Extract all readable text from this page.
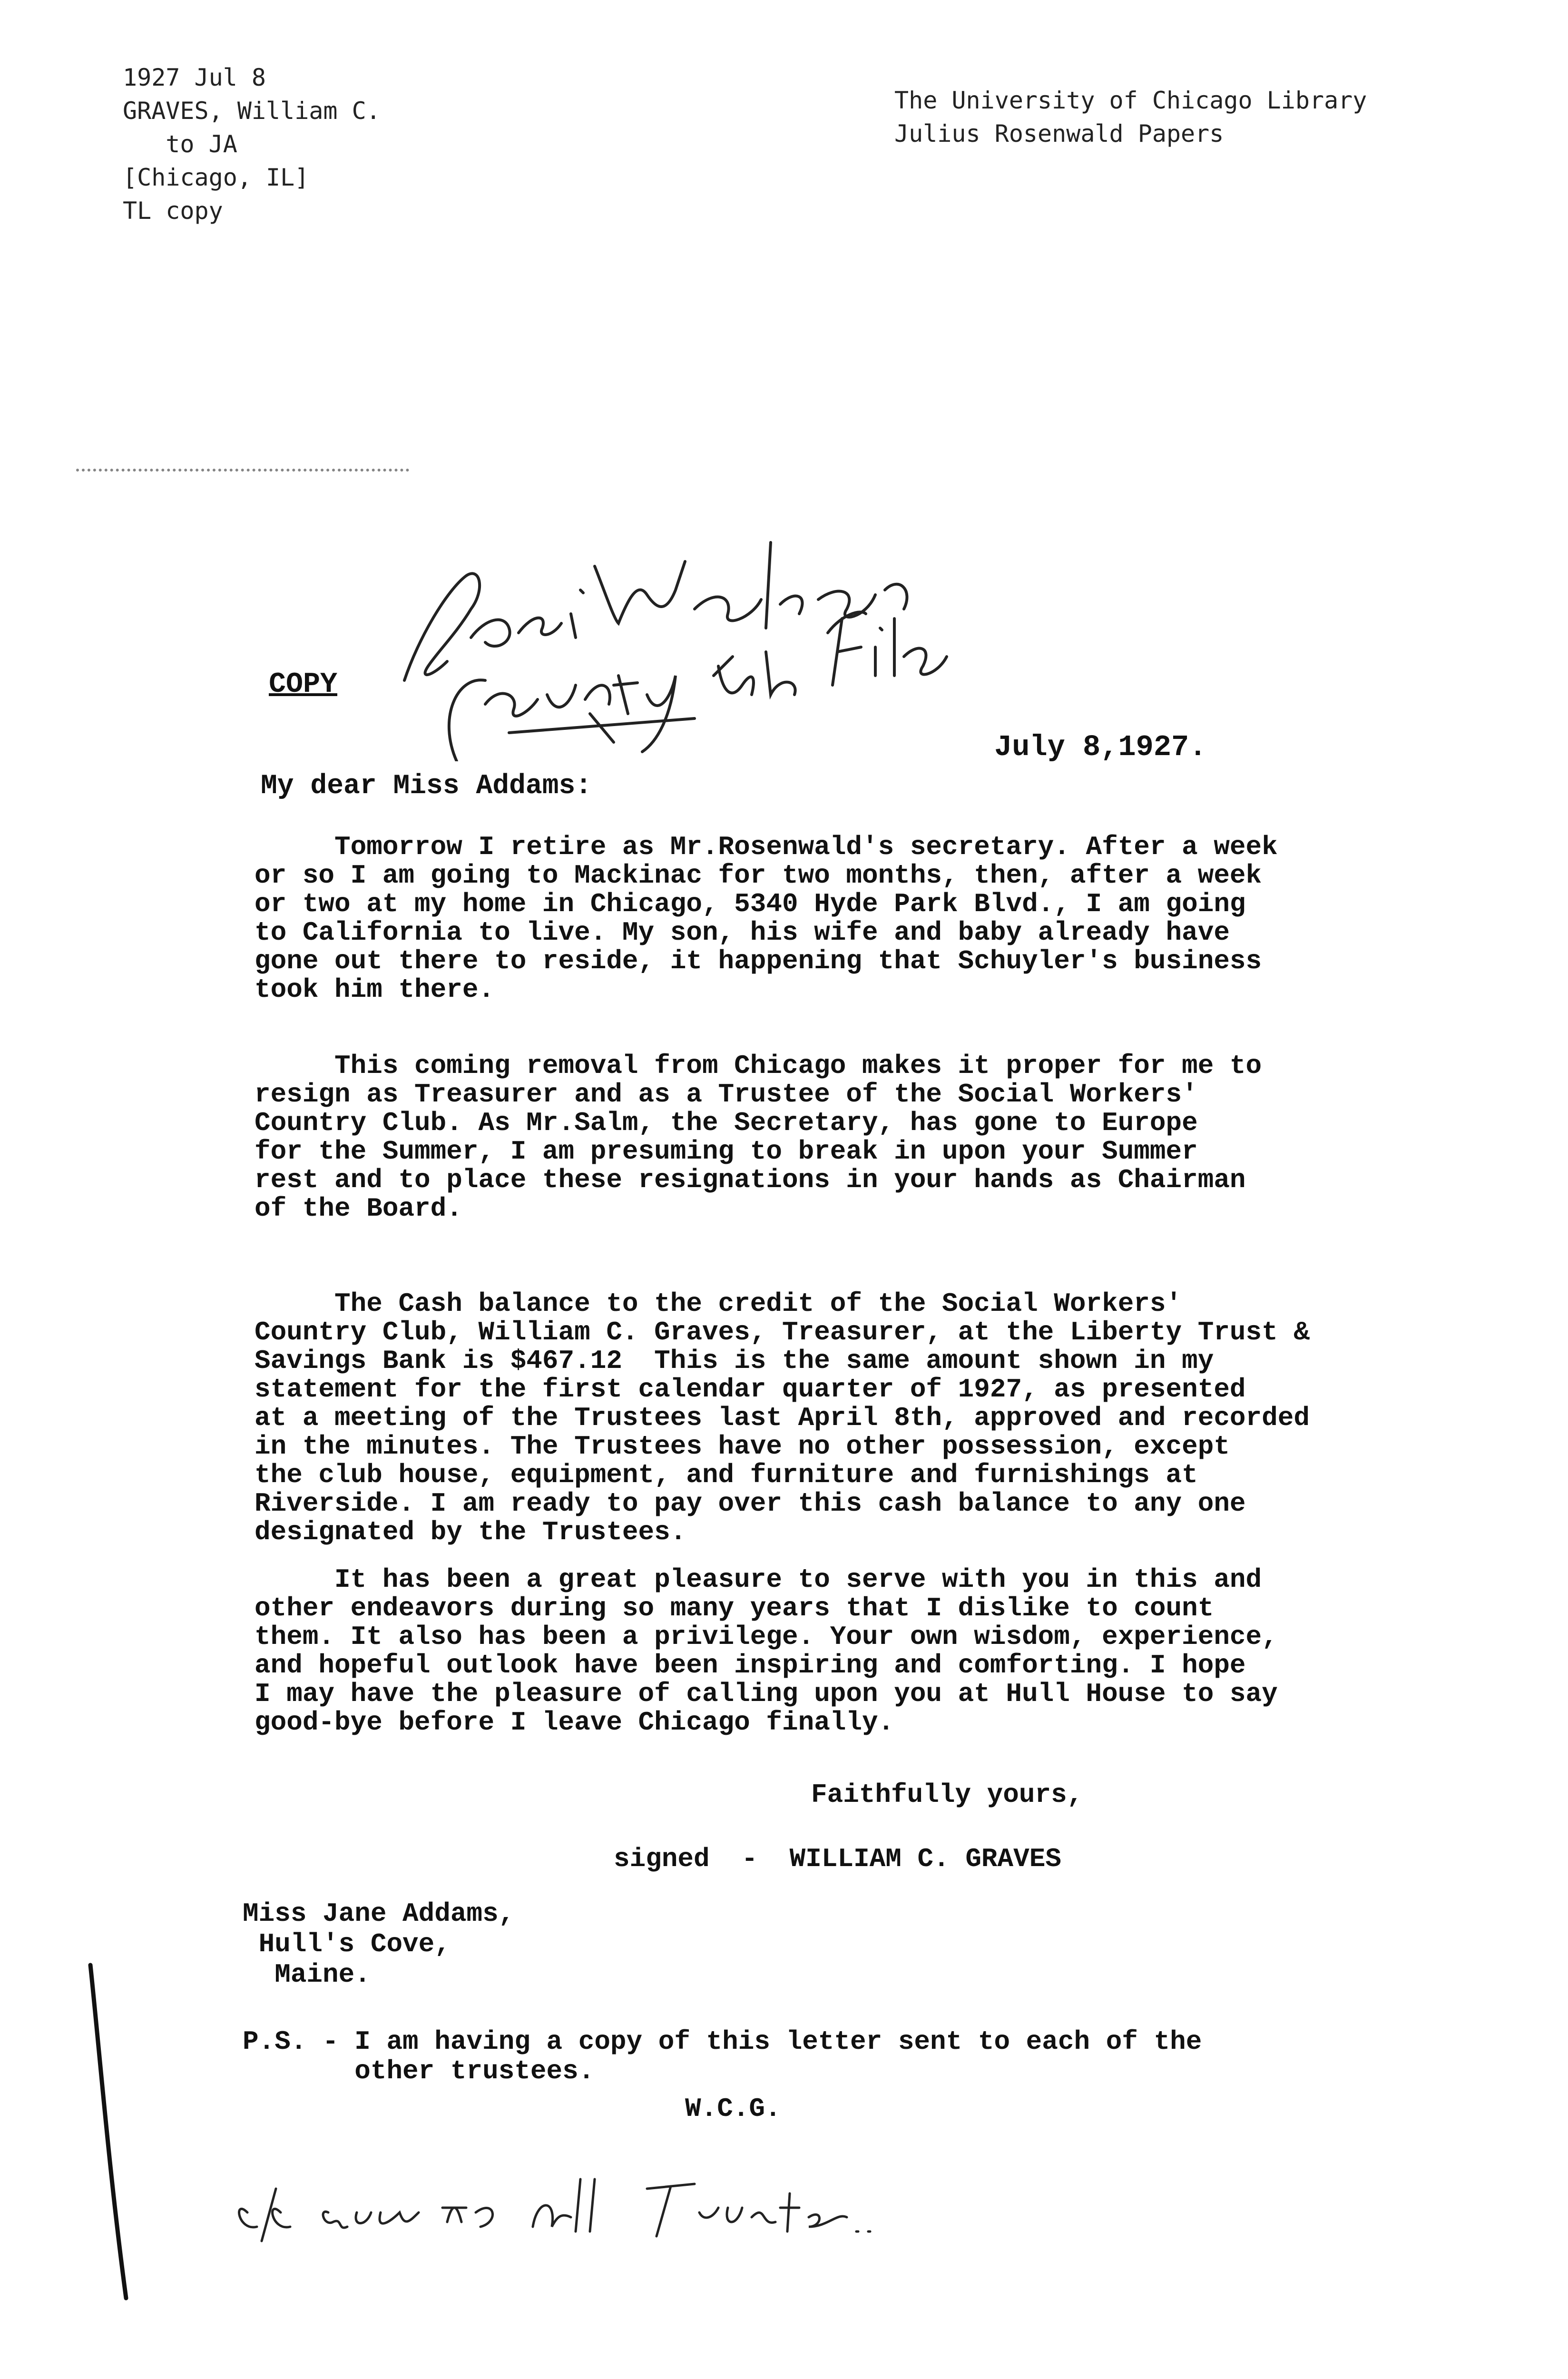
1927 Jul 8
GRAVES, William C.
to JA
[Chicago, IL]
TL copy
The University of Chicago Library
Julius Rosenwald Papers
COPY
July 8,1927.
My dear Miss Addams:
Tomorrow I retire as Mr.Rosenwald's secretary. After a week
or so I am going to Mackinac for two months, then, after a week
or two at my home in Chicago, 5340 Hyde Park Blvd., I am going
to California to live. My son, his wife and baby already have
gone out there to reside, it happening that Schuyler's business
took him there.
This coming removal from Chicago makes it proper for me to
resign as Treasurer and as a Trustee of the Social Workers'
Country Club. As Mr.Salm, the Secretary, has gone to Europe
for the Summer, I am presuming to break in upon your Summer
rest and to place these resignations in your hands as Chairman
of the Board.
The Cash balance to the credit of the Social Workers'
Country Club, William C. Graves, Treasurer, at the Liberty Trust &
Savings Bank is $467.12  This is the same amount shown in my
statement for the first calendar quarter of 1927, as presented
at a meeting of the Trustees last April 8th, approved and recorded
in the minutes. The Trustees have no other possession, except
the club house, equipment, and furniture and furnishings at
Riverside. I am ready to pay over this cash balance to any one
designated by the Trustees.
It has been a great pleasure to serve with you in this and
other endeavors during so many years that I dislike to count
them. It also has been a privilege. Your own wisdom, experience,
and hopeful outlook have been inspiring and comforting. I hope
I may have the pleasure of calling upon you at Hull House to say
good-bye before I leave Chicago finally.
Faithfully yours,
signed  -  WILLIAM C. GRAVES
Miss Jane Addams,
Hull's Cove,
Maine.
P.S. - I am having a copy of this letter sent to each of the
other trustees.
W.C.G.
